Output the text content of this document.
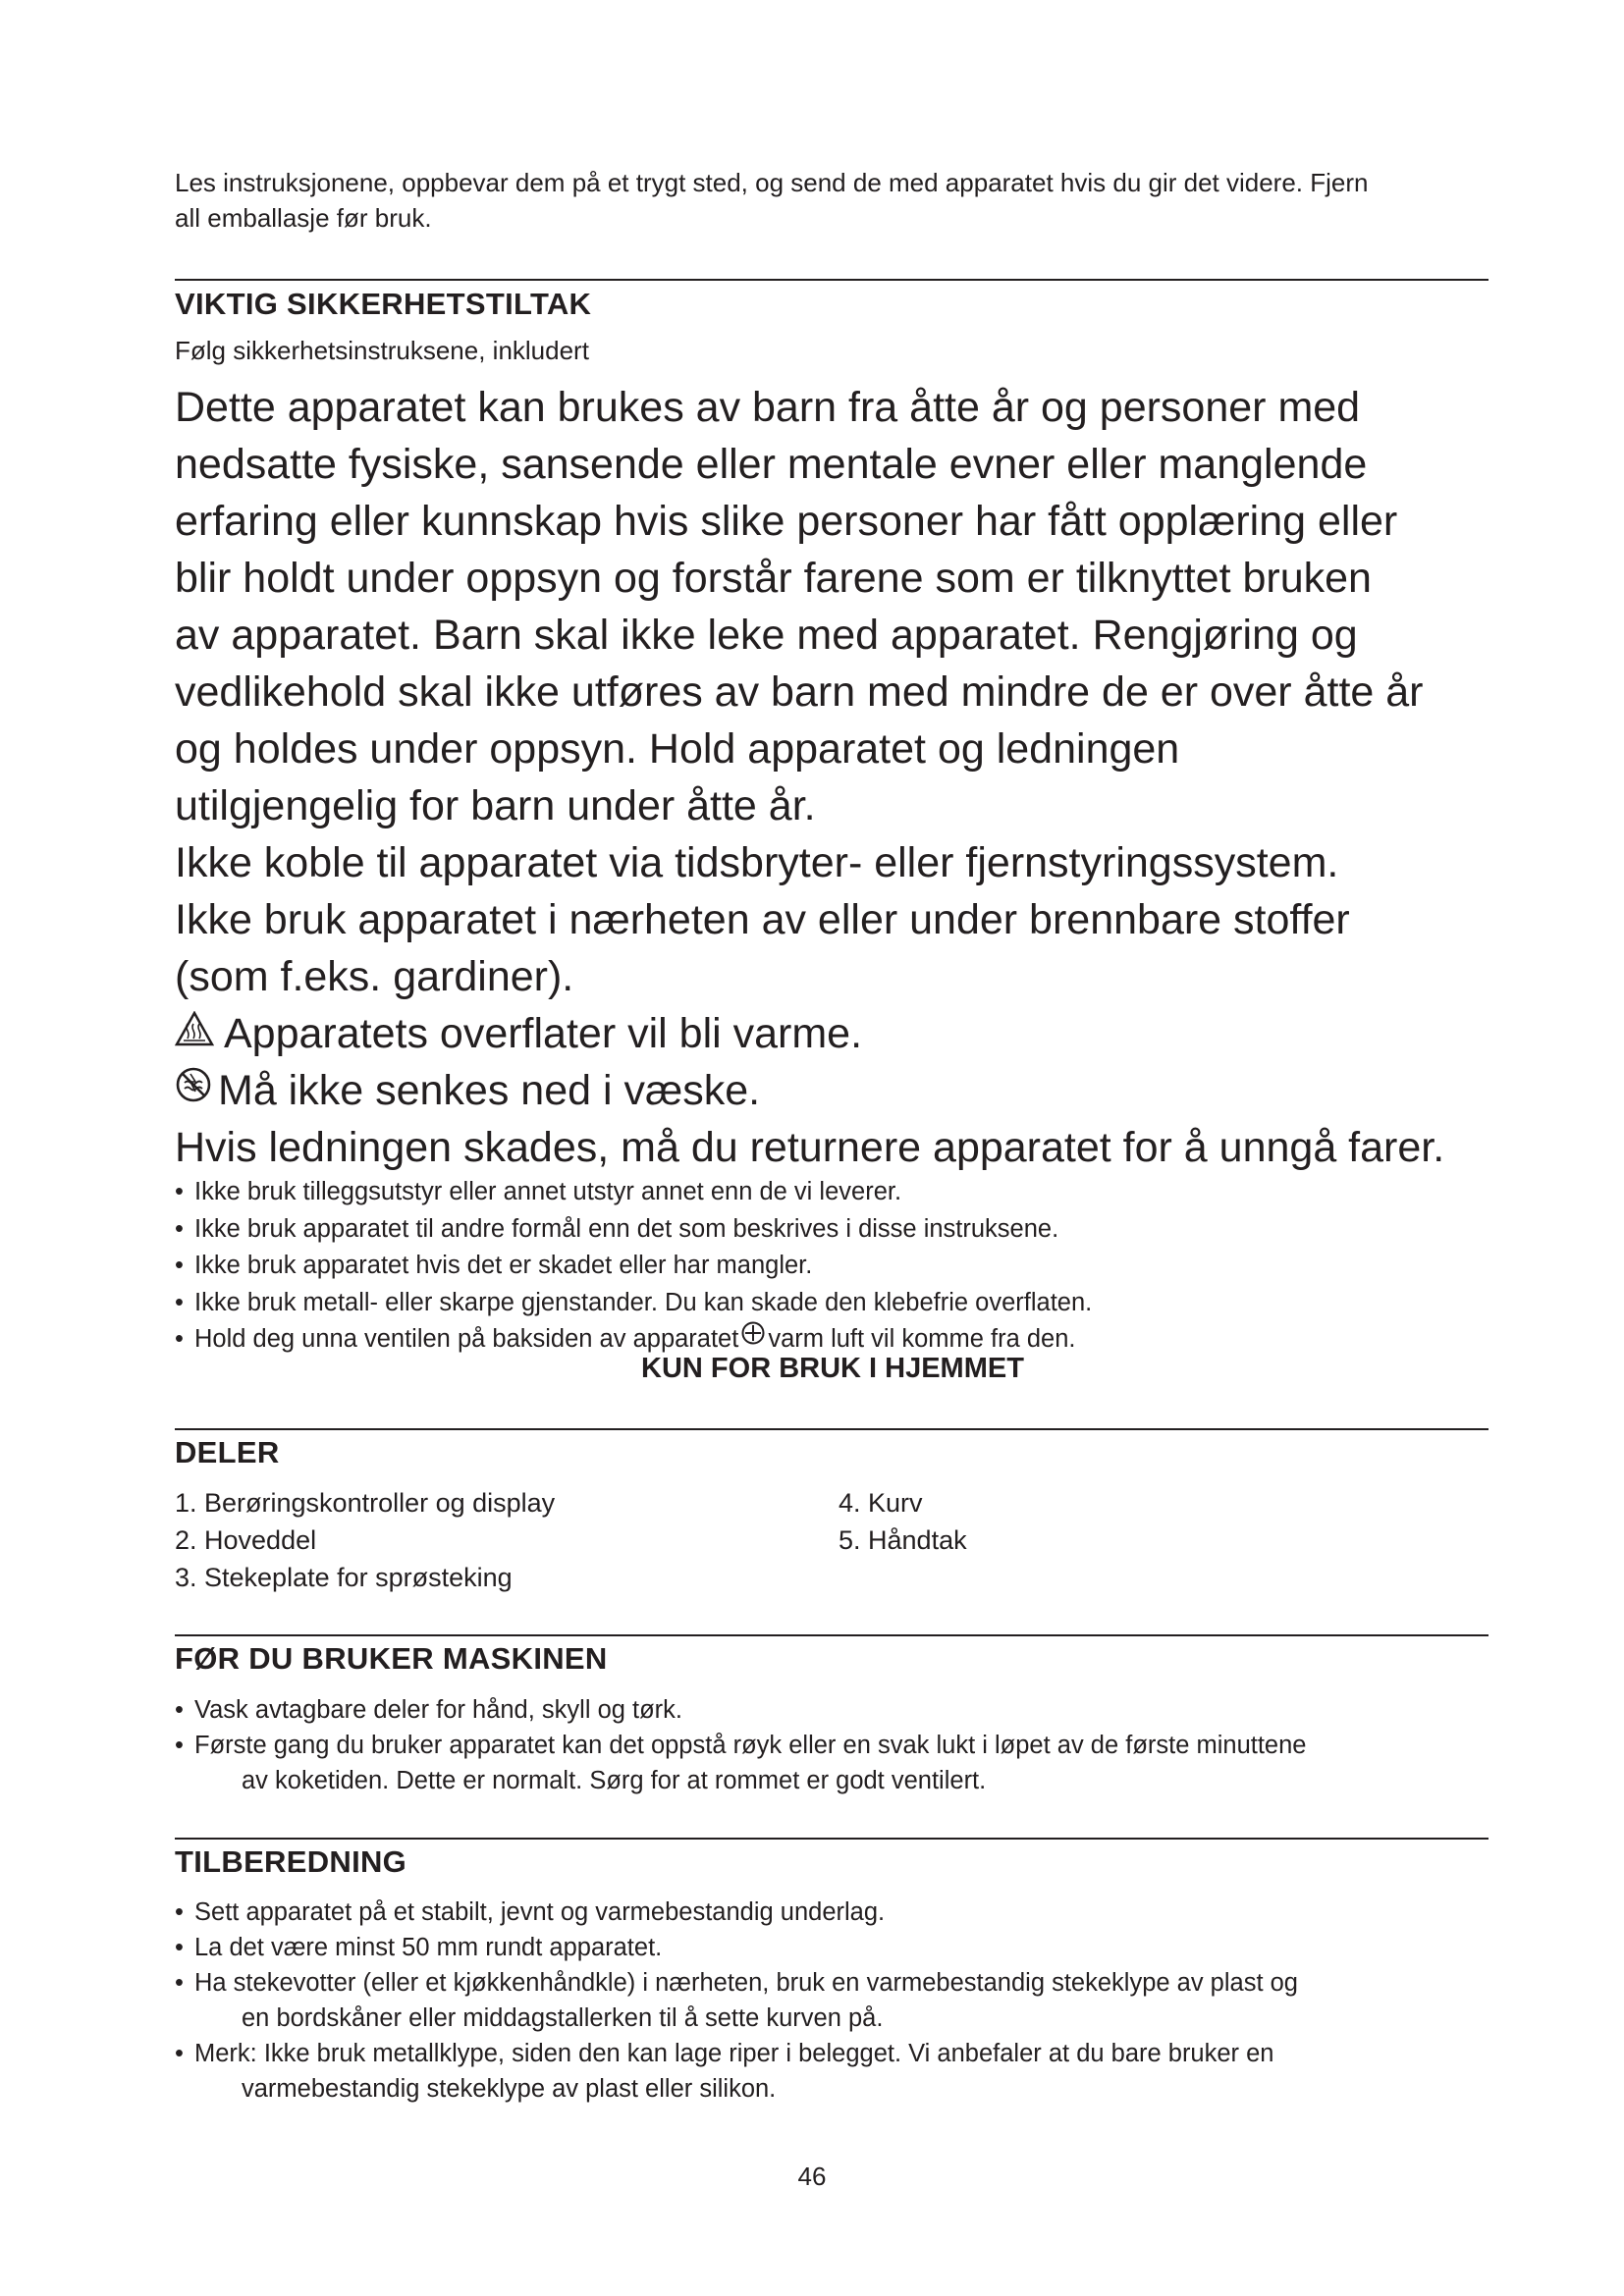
Les instruksjonene, oppbevar dem på et trygt sted, og send de med apparatet hvis du gir det videre. Fjern
all emballasje før bruk.
VIKTIG SIKKERHETSTILTAK
Følg sikkerhetsinstruksene, inkludert
Dette apparatet kan brukes av barn fra åtte år og personer med
nedsatte fysiske, sansende eller mentale evner eller manglende
erfaring eller kunnskap hvis slike personer har fått opplæring eller
blir holdt under oppsyn og forstår farene som er tilknyttet bruken
av apparatet. Barn skal ikke leke med apparatet. Rengjøring og
vedlikehold skal ikke utføres av barn med mindre de er over åtte år
og holdes under oppsyn. Hold apparatet og ledningen
utilgjengelig for barn under åtte år.
Ikke koble til apparatet via tidsbryter- eller fjernstyringssystem.
Ikke bruk apparatet i nærheten av eller under brennbare stoffer
(som f.eks. gardiner).
Apparatets overflater vil bli varme.
Må ikke senkes ned i væske.
Hvis ledningen skades, må du returnere apparatet for å unngå farer.
• Ikke bruk tilleggsutstyr eller annet utstyr annet enn de vi leverer.
• Ikke bruk apparatet til andre formål enn det som beskrives i disse instruksene.
• Ikke bruk apparatet hvis det er skadet eller har mangler.
• Ikke bruk metall- eller skarpe gjenstander. Du kan skade den klebefrie overflaten.
• Hold deg unna ventilen på baksiden av apparatet varm luft vil komme fra den.
KUN FOR BRUK I HJEMMET
DELER
1. Berøringskontroller og display
2. Hoveddel
3. Stekeplate for sprøsteking
4. Kurv
5. Håndtak
FØR DU BRUKER MASKINEN
• Vask avtagbare deler for hånd, skyll og tørk.
• Første gang du bruker apparatet kan det oppstå røyk eller en svak lukt i løpet av de første minuttene
av koketiden. Dette er normalt. Sørg for at rommet er godt ventilert.
TILBEREDNING
• Sett apparatet på et stabilt, jevnt og varmebestandig underlag.
• La det være minst 50 mm rundt apparatet.
• Ha stekevotter (eller et kjøkkenhåndkle) i nærheten, bruk en varmebestandig stekeklype av plast og
en bordskåner eller middagstallerken til å sette kurven på.
• Merk: Ikke bruk metallklype, siden den kan lage riper i belegget. Vi anbefaler at du bare bruker en
varmebestandig stekeklype av plast eller silikon.
46
